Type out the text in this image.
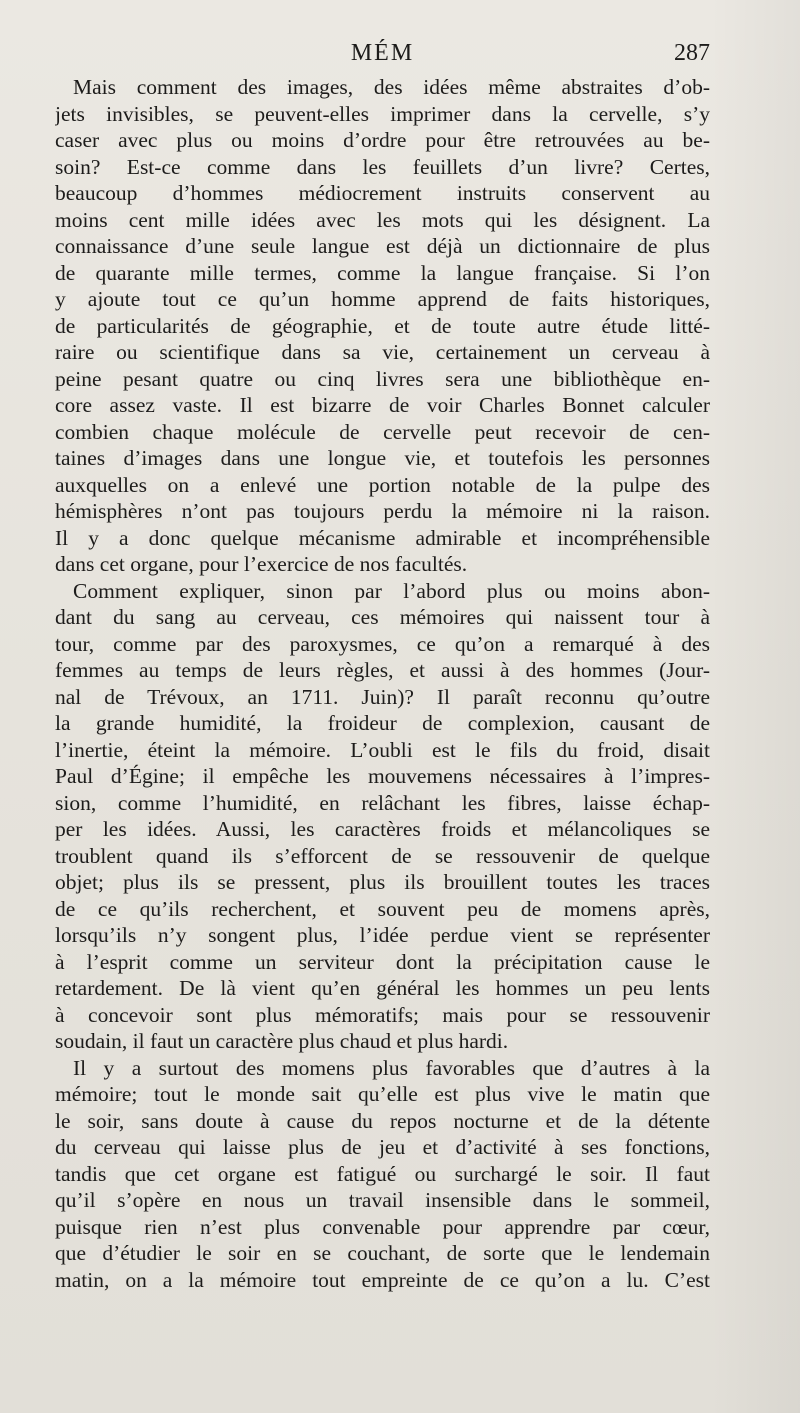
MÉM	287
Mais comment des images, des idées même abstraites d’ob-
jets invisibles, se peuvent-elles imprimer dans la cervelle, s’y
caser avec plus ou moins d’ordre pour être retrouvées au be-
soin? Est-ce comme dans les feuillets d’un livre? Certes,
beaucoup d’hommes médiocrement instruits conservent au
moins cent mille idées avec les mots qui les désignent. La
connaissance d’une seule langue est déjà un dictionnaire de plus
de quarante mille termes, comme la langue française. Si l’on
y ajoute tout ce qu’un homme apprend de faits historiques,
de particularités de géographie, et de toute autre étude litté-
raire ou scientifique dans sa vie, certainement un cerveau à
peine pesant quatre ou cinq livres sera une bibliothèque en-
core assez vaste. Il est bizarre de voir Charles Bonnet calculer
combien chaque molécule de cervelle peut recevoir de cen-
taines d’images dans une longue vie, et toutefois les personnes
auxquelles on a enlevé une portion notable de la pulpe des
hémisphères n’ont pas toujours perdu la mémoire ni la raison.
Il y a donc quelque mécanisme admirable et incompréhensible
dans cet organe, pour l’exercice de nos facultés.
Comment expliquer, sinon par l’abord plus ou moins abon-
dant du sang au cerveau, ces mémoires qui naissent tour à
tour, comme par des paroxysmes, ce qu’on a remarqué à des
femmes au temps de leurs règles, et aussi à des hommes (Jour-
nal de Trévoux, an 1711. Juin)? Il paraît reconnu qu’outre
la grande humidité, la froideur de complexion, causant de
l’inertie, éteint la mémoire. L’oubli est le fils du froid, disait
Paul d’Égine; il empêche les mouvemens nécessaires à l’impres-
sion, comme l’humidité, en relâchant les fibres, laisse échap-
per les idées. Aussi, les caractères froids et mélancoliques se
troublent quand ils s’efforcent de se ressouvenir de quelque
objet; plus ils se pressent, plus ils brouillent toutes les traces
de ce qu’ils recherchent, et souvent peu de momens après,
lorsqu’ils n’y songent plus, l’idée perdue vient se représenter
à l’esprit comme un serviteur dont la précipitation cause le
retardement. De là vient qu’en général les hommes un peu lents
à concevoir sont plus mémoratifs; mais pour se ressouvenir
soudain, il faut un caractère plus chaud et plus hardi.
Il y a surtout des momens plus favorables que d’autres à la
mémoire; tout le monde sait qu’elle est plus vive le matin que
le soir, sans doute à cause du repos nocturne et de la détente
du cerveau qui laisse plus de jeu et d’activité à ses fonctions,
tandis que cet organe est fatigué ou surchargé le soir. Il faut
qu’il s’opère en nous un travail insensible dans le sommeil,
puisque rien n’est plus convenable pour apprendre par cœur,
que d’étudier le soir en se couchant, de sorte que le lendemain
matin, on a la mémoire tout empreinte de ce qu’on a lu. C’est
